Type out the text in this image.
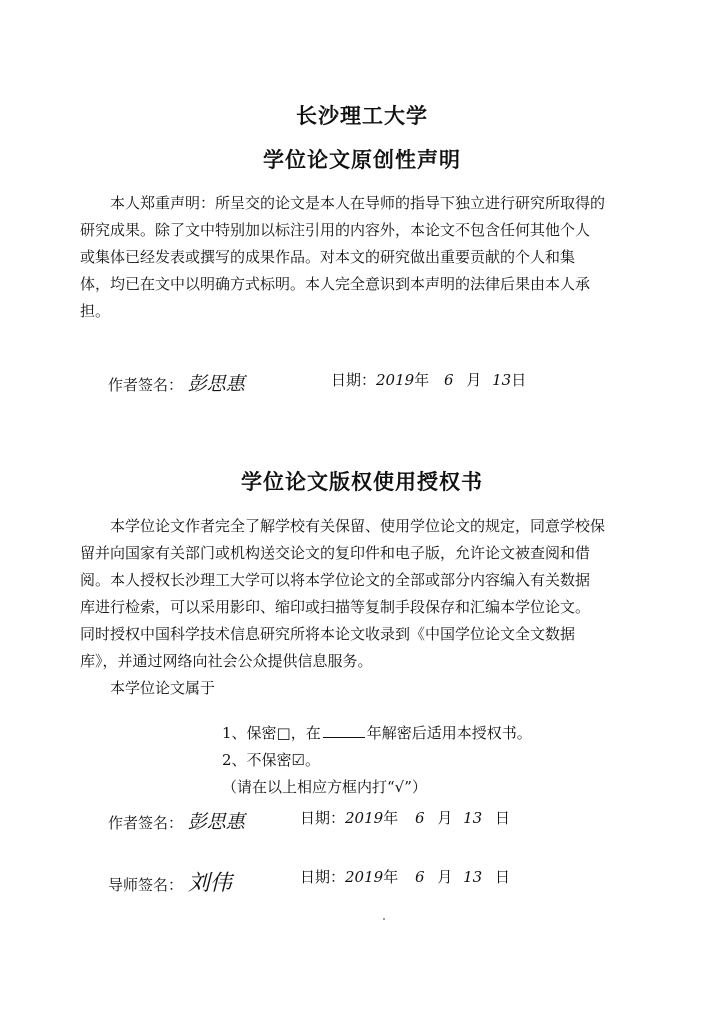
长沙理工大学
学位论文原创性声明
本人郑重声明：所呈交的论文是本人在导师的指导下独立进行研究所取得的
研究成果。除了文中特别加以标注引用的内容外，本论文不包含任何其他个人
或集体已经发表或撰写的成果作品。对本文的研究做出重要贡献的个人和集
体，均已在文中以明确方式标明。本人完全意识到本声明的法律后果由本人承
担。
作者签名： 彭思惠	日期：2019年 6 月 13日
学位论文版权使用授权书
本学位论文作者完全了解学校有关保留、使用学位论文的规定，同意学校保
留并向国家有关部门或机构送交论文的复印件和电子版，允许论文被查阅和借
阅。本人授权长沙理工大学可以将本学位论文的全部或部分内容编入有关数据
库进行检索，可以采用影印、缩印或扫描等复制手段保存和汇编本学位论文。
同时授权中国科学技术信息研究所将本论文收录到《中国学位论文全文数据
库》，并通过网络向社会公众提供信息服务。
本学位论文属于
1、保密□，在	年解密后适用本授权书。
2、不保密☑。
（请在以上相应方框内打“√”）
作者签名： 彭思惠	日期：2019年 6 月 13 日
导师签名： 刘伟	日期：2019年 6 月 13 日
